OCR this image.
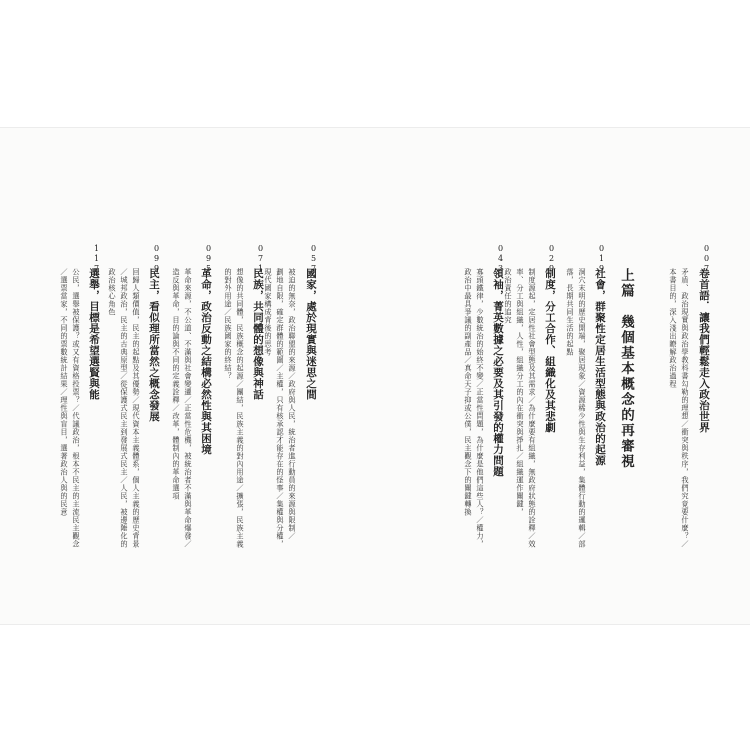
007
卷首語．讓我們輕鬆走入政治世界
矛盾、政治現實與政治學教科書勾勒的理想／衝突與秩序，我們究竟要什麼？／
本書目的，深入淺出瞭解政治過程
上篇　幾個基本概念的再審視
019
社會，群聚性定居生活型態與政治的起源
洞穴末明的歷史開端，聚居現象／資源稀少性與生存利益，集體行動的邏輯／部
落，長期共同生活的起點
029
制度，分工合作、組織化及其悲劇
制度源起，定居性社會型態及其需求／為什麼要有組織，無政府狀態的詮釋／效
率、分工與組織，人性，組織分工的內在衝突與掙扎／組織運作關鍵，
政治責任的追究
043
領袖，菁英數據之必要及其引發的權力問題
寡頭鐵律，少數統治的始終不變／正當性問題，為什麼是他們這些人？／權力，
政治中最具爭議的副產品／真命天子抑或公僕，民主觀念下的關鍵轉換
057
國家，處於現實與迷思之間
被迫的無奈，政治聯盟的來源／政府與人民，統治者進行動員的來源與限制／
劃地自限，確定群體的範圍／主權，只有核承認才能存在的怪事／集權與分權，
現代國家構成背後的思考
071
民族，共同體的想像與神話
想像的共同體，民族概念的起源／團結，民族主義的對內用途／擴張，民族主義
的對外用途／民族國家的終結？
095
革命，政治反動之結構必然性與其困境
革命來源，不公道、不滿與社會變遷／正當性危機，被統治者不滿與革命爆發／
造反與革命，目的論與不同的定義詮釋／改革，體制內的革命選項
099
民主，看似理所當然之概念發展
回歸人類價值，民主的起點及其優勢／現代資本主義體系，個人主義的歷史背景
／城邦政治，民主的古典原型／從保護式民主到發展式民主／人民，被邊陲化的
政治核心角色
117
選舉，目標是希望選賢與能
公民，選舉被保護？或又有資格投票？／代議政治，根本不民主的主流民主觀念
／選票當家，不同的票數統計結果／理性與盲目，選著政治人與的民意
